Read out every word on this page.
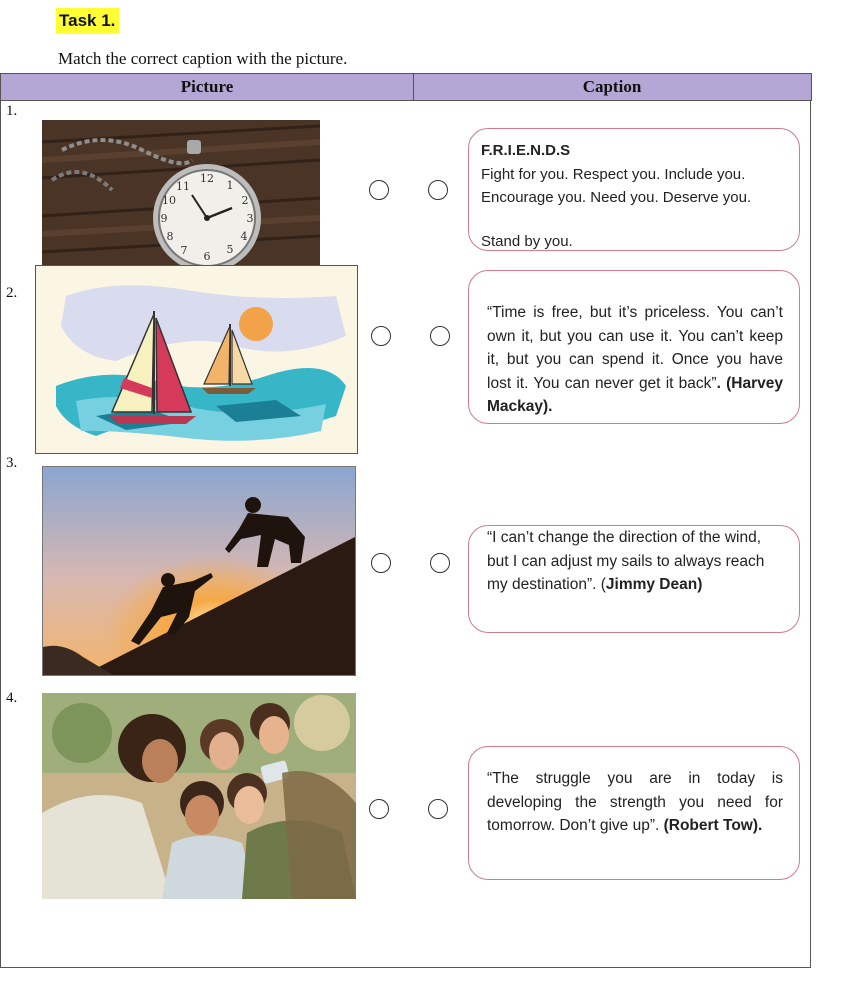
Task 1.
Match the correct caption with the picture.
Picture	Caption
1.
2.
3.
4.
12
1
2
3
4
5
6
7
8
9
10
11
F.R.I.E.N.D.S
Fight for you. Respect you. Include you.
Encourage you. Need you. Deserve you.
Stand by you.
“Time is free, but it’s priceless. You can’t own it, but you can use it. You can’t keep it, but you can spend it. Once you have lost it. You can never get it back”. (Harvey Mackay).
“I can’t change the direction of the wind, but I can adjust my sails to always reach my destination”. (Jimmy Dean)
“The struggle you are in today is developing the strength you need for tomorrow. Don’t give up”. (Robert Tow).
